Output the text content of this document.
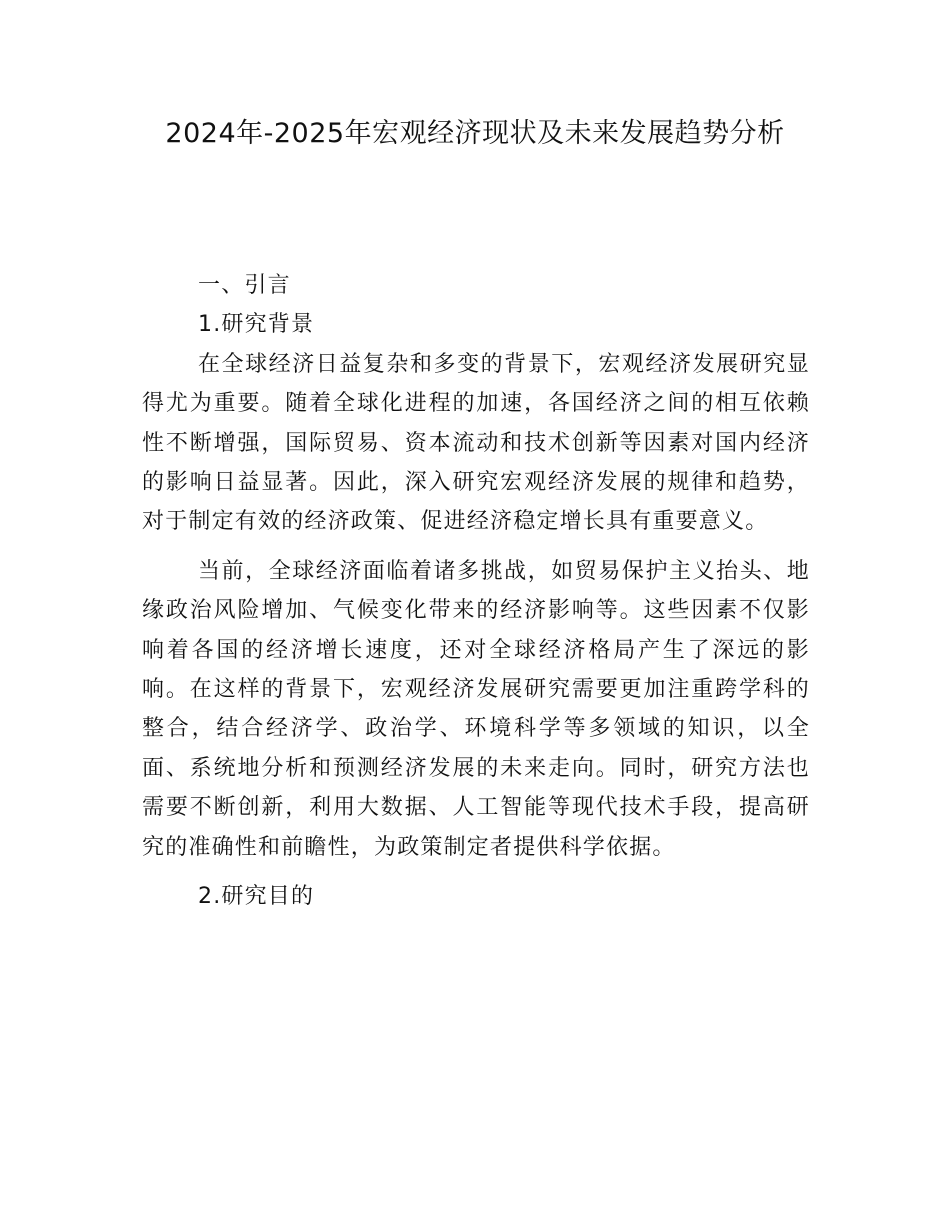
2024年-2025年宏观经济现状及未来发展趋势分析

一、引言

1.研究背景

在全球经济日益复杂和多变的背景下，宏观经济发展研究显得尤为重要。随着全球化进程的加速，各国经济之间的相互依赖性不断增强，国际贸易、资本流动和技术创新等因素对国内经济的影响日益显著。因此，深入研究宏观经济发展的规律和趋势，对于制定有效的经济政策、促进经济稳定增长具有重要意义。

当前，全球经济面临着诸多挑战，如贸易保护主义抬头、地缘政治风险增加、气候变化带来的经济影响等。这些因素不仅影响着各国的经济增长速度，还对全球经济格局产生了深远的影响。在这样的背景下，宏观经济发展研究需要更加注重跨学科的整合，结合经济学、政治学、环境科学等多领域的知识，以全面、系统地分析和预测经济发展的未来走向。同时，研究方法也需要不断创新，利用大数据、人工智能等现代技术手段，提高研究的准确性和前瞻性，为政策制定者提供科学依据。

2.研究目的
